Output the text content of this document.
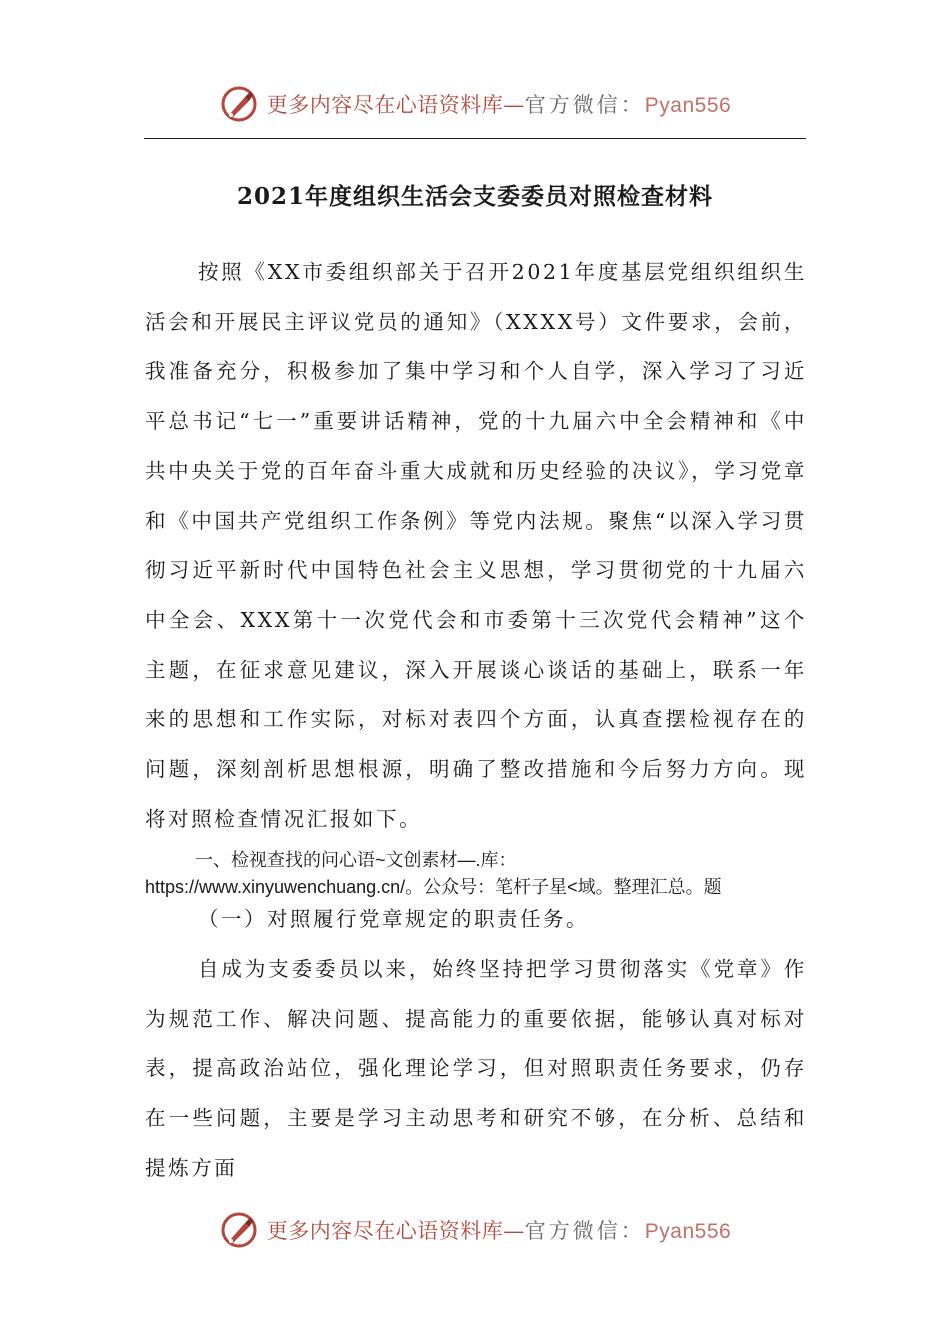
更多内容尽在心语资料库—官方微信：Pyan556
2021年度组织生活会支委委员对照检查材料

按照《XX市委组织部关于召开2021年度基层党组织组织生活会和开展民主评议党员的通知》（XXXX号）文件要求，会前，我准备充分，积极参加了集中学习和个人自学，深入学习了习近平总书记“七一”重要讲话精神，党的十九届六中全会精神和《中共中央关于党的百年奋斗重大成就和历史经验的决议》，学习党章和《中国共产党组织工作条例》等党内法规。聚焦“以深入学习贯彻习近平新时代中国特色社会主义思想，学习贯彻党的十九届六中全会、XXX第十一次党代会和市委第十三次党代会精神”这个主题，在征求意见建议，深入开展谈心谈话的基础上，联系一年来的思想和工作实际，对标对表四个方面，认真查摆检视存在的问题，深刻剖析思想根源，明确了整改措施和今后努力方向。现将对照检查情况汇报如下。

一、检视查找的问心语~文创素材—.库：https://www.xinyuwenchuang.cn/。公众号：笔杆子星<域。整理汇总。题
（一）对照履行党章规定的职责任务。

自成为支委委员以来，始终坚持把学习贯彻落实《党章》作为规范工作、解决问题、提高能力的重要依据，能够认真对标对表，提高政治站位，强化理论学习，但对照职责任务要求，仍存在一些问题，主要是学习主动思考和研究不够，在分析、总结和提炼方面

更多内容尽在心语资料库—官方微信：Pyan556
